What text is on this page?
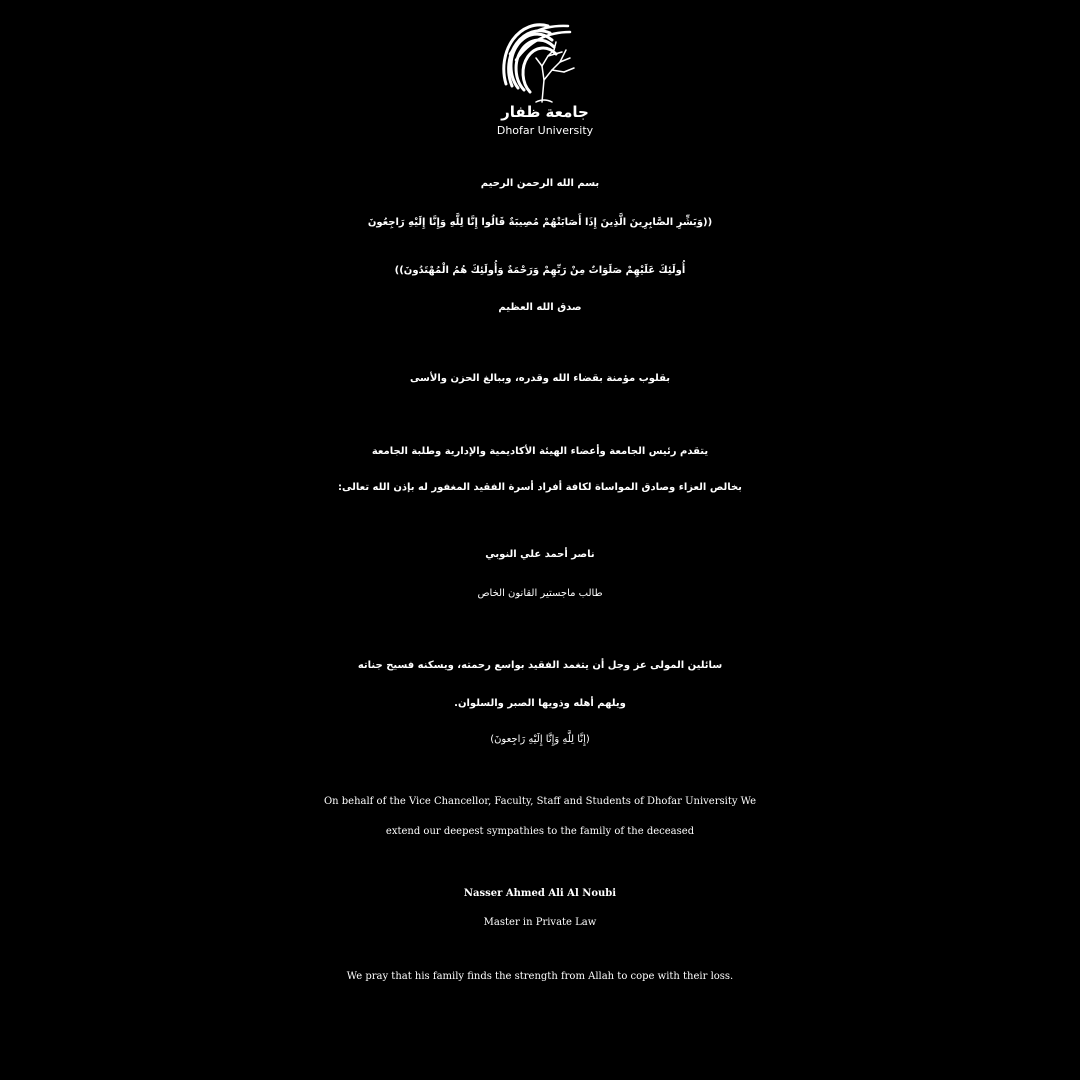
جامعة ظفار
Dhofar University
بسم الله الرحمن الرحيم
((وَبَشِّرِ الصَّابِرِينَ الَّذِينَ إِذَا أَصَابَتْهُمْ مُصِيبَةٌ قَالُوا إِنَّا لِلَّهِ وَإِنَّا إِلَيْهِ رَاجِعُونَ
أُولَئِكَ عَلَيْهِمْ صَلَوَاتٌ مِنْ رَبِّهِمْ وَرَحْمَةٌ وَأُولَئِكَ هُمُ الْمُهْتَدُونَ))
صدق الله العظيم
بقلوب مؤمنة بقضاء الله وقدره، وببالغ الحزن والأسى
يتقدم رئيس الجامعة وأعضاء الهيئة الأكاديمية والإدارية وطلبة الجامعة
بخالص العزاء وصادق المواساة لكافة أفراد أسرة الفقيد المغفور له بإذن الله تعالى:
ناصر أحمد علي النوبي
طالب ماجستير القانون الخاص
سائلين المولى عز وجل أن يتغمد الفقيد بواسع رحمته، ويسكنه فسيح جناته
ويلهم أهله وذويها الصبر والسلوان.
(إِنَّا لِلَّهِ وَإِنَّا إِلَيْهِ رَاجِعونَ)
On behalf of the Vice Chancellor, Faculty, Staff and Students of Dhofar University We
extend our deepest sympathies to the family of the deceased
Nasser Ahmed Ali Al Noubi
Master in Private Law
We pray that his family finds the strength from Allah to cope with their loss.
